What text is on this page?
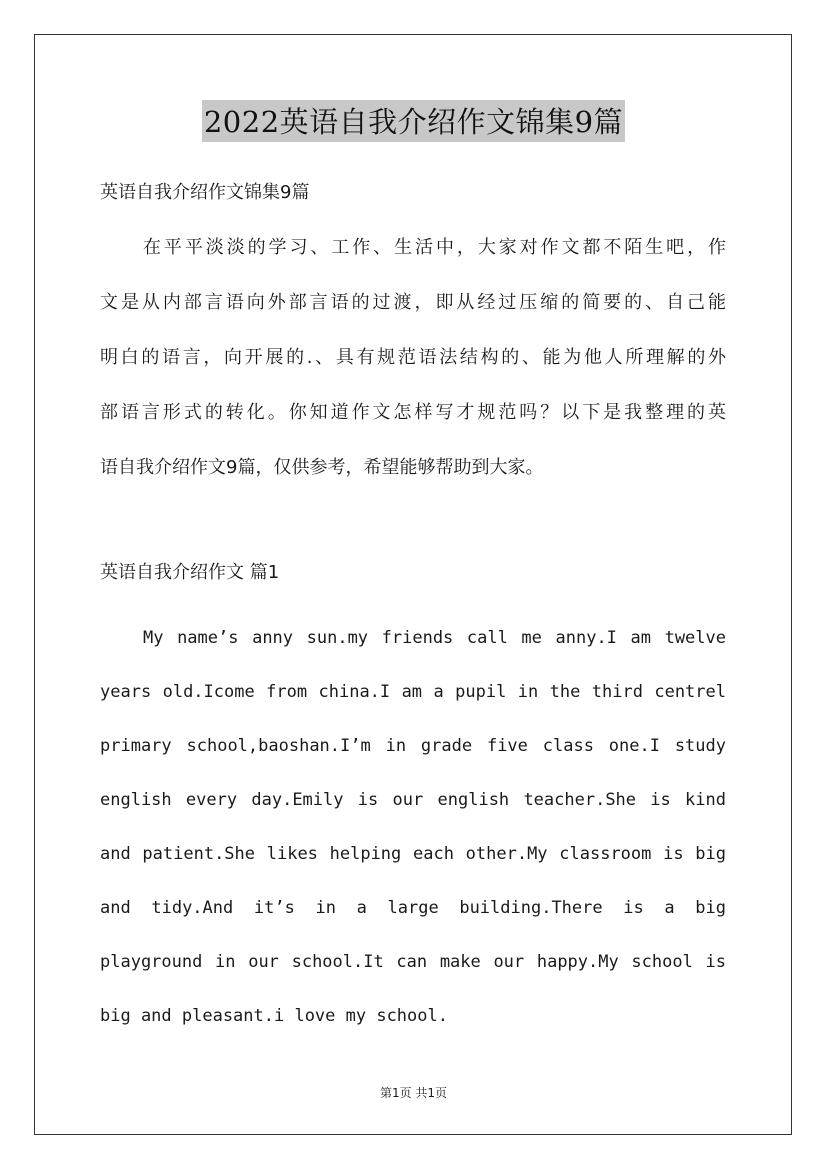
2022英语自我介绍作文锦集9篇
英语自我介绍作文锦集9篇
在平平淡淡的学习、工作、生活中，大家对作文都不陌生吧，作
文是从内部言语向外部言语的过渡，即从经过压缩的简要的、自己能
明白的语言，向开展的.、具有规范语法结构的、能为他人所理解的外
部语言形式的转化。你知道作文怎样写才规范吗？以下是我整理的英
语自我介绍作文9篇，仅供参考，希望能够帮助到大家。
英语自我介绍作文 篇1
My name’s anny sun.my friends call me anny.I am twelve
years old.Icome from china.I am a pupil in the third centrel
primary school,baoshan.I’m in grade five class one.I study
english every day.Emily is our english teacher.She is kind
and patient.She likes helping each other.My classroom is big
and tidy.And it’s in a large building.There is a big
playground in our school.It can make our happy.My school is
big and pleasant.i love my school.
第1页 共1页
